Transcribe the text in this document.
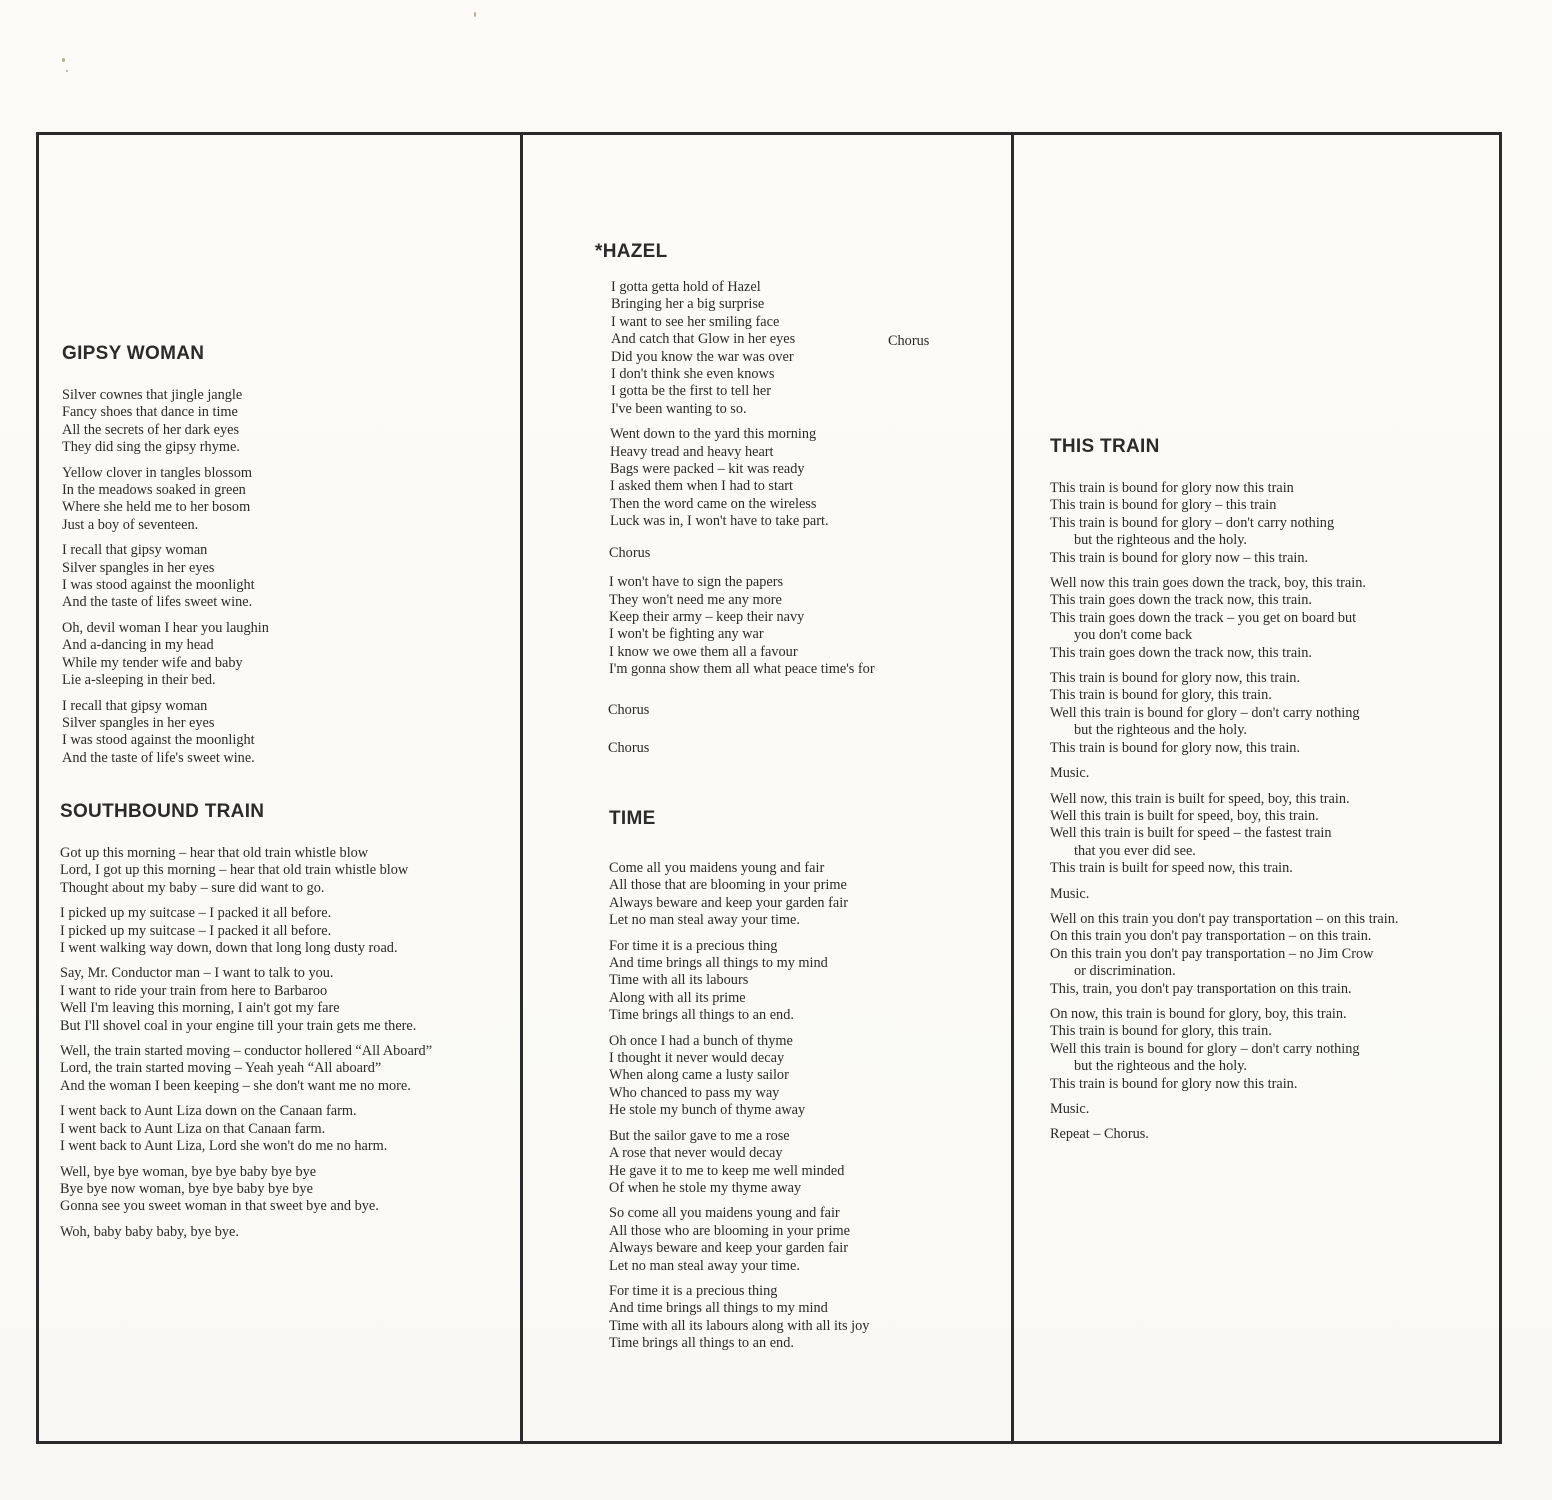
GIPSY WOMAN
Silver cownes that jingle jangle
Fancy shoes that dance in time
All the secrets of her dark eyes
They did sing the gipsy rhyme.
Yellow clover in tangles blossom
In the meadows soaked in green
Where she held me to her bosom
Just a boy of seventeen.
I recall that gipsy woman
Silver spangles in her eyes
I was stood against the moonlight
And the taste of lifes sweet wine.
Oh, devil woman I hear you laughin
And a-dancing in my head
While my tender wife and baby
Lie a-sleeping in their bed.
I recall that gipsy woman
Silver spangles in her eyes
I was stood against the moonlight
And the taste of life's sweet wine.
SOUTHBOUND TRAIN
Got up this morning – hear that old train whistle blow
Lord, I got up this morning – hear that old train whistle blow
Thought about my baby – sure did want to go.
I picked up my suitcase – I packed it all before.
I picked up my suitcase – I packed it all before.
I went walking way down, down that long long dusty road.
Say, Mr. Conductor man – I want to talk to you.
I want to ride your train from here to Barbaroo
Well I'm leaving this morning, I ain't got my fare
But I'll shovel coal in your engine till your train gets me there.
Well, the train started moving – conductor hollered “All Aboard”
Lord, the train started moving – Yeah yeah “All aboard”
And the woman I been keeping – she don't want me no more.
I went back to Aunt Liza down on the Canaan farm.
I went back to Aunt Liza on that Canaan farm.
I went back to Aunt Liza, Lord she won't do me no harm.
Well, bye bye woman, bye bye baby bye bye
Bye bye now woman, bye bye baby bye bye
Gonna see you sweet woman in that sweet bye and bye.
Woh, baby baby baby, bye bye.
*HAZEL
I gotta getta hold of Hazel
Bringing her a big surprise
I want to see her smiling face
And catch that Glow in her eyes
Did you know the war was over
I don't think she even knows
I gotta be the first to tell her
I've been wanting to so.
Went down to the yard this morning
Heavy tread and heavy heart
Bags were packed – kit was ready
I asked them when I had to start
Then the word came on the wireless
Luck was in, I won't have to take part.
Chorus
I won't have to sign the papers
They won't need me any more
Keep their army – keep their navy
I won't be fighting any war
I know we owe them all a favour
I'm gonna show them all what peace time's for
Chorus
Chorus
Chorus
TIME
Come all you maidens young and fair
All those that are blooming in your prime
Always beware and keep your garden fair
Let no man steal away your time.
For time it is a precious thing
And time brings all things to my mind
Time with all its labours
Along with all its prime
Time brings all things to an end.
Oh once I had a bunch of thyme
I thought it never would decay
When along came a lusty sailor
Who chanced to pass my way
He stole my bunch of thyme away
But the sailor gave to me a rose
A rose that never would decay
He gave it to me to keep me well minded
Of when he stole my thyme away
So come all you maidens young and fair
All those who are blooming in your prime
Always beware and keep your garden fair
Let no man steal away your time.
For time it is a precious thing
And time brings all things to my mind
Time with all its labours along with all its joy
Time brings all things to an end.
THIS TRAIN
This train is bound for glory now this train
This train is bound for glory – this train
This train is bound for glory – don't carry nothing
but the righteous and the holy.
This train is bound for glory now – this train.
Well now this train goes down the track, boy, this train.
This train goes down the track now, this train.
This train goes down the track – you get on board but
you don't come back
This train goes down the track now, this train.
This train is bound for glory now, this train.
This train is bound for glory, this train.
Well this train is bound for glory – don't carry nothing
but the righteous and the holy.
This train is bound for glory now, this train.
Music.
Well now, this train is built for speed, boy, this train.
Well this train is built for speed, boy, this train.
Well this train is built for speed – the fastest train
that you ever did see.
This train is built for speed now, this train.
Music.
Well on this train you don't pay transportation – on this train.
On this train you don't pay transportation – on this train.
On this train you don't pay transportation – no Jim Crow
or discrimination.
This, train, you don't pay transportation on this train.
On now, this train is bound for glory, boy, this train.
This train is bound for glory, this train.
Well this train is bound for glory – don't carry nothing
but the righteous and the holy.
This train is bound for glory now this train.
Music.
Repeat – Chorus.
